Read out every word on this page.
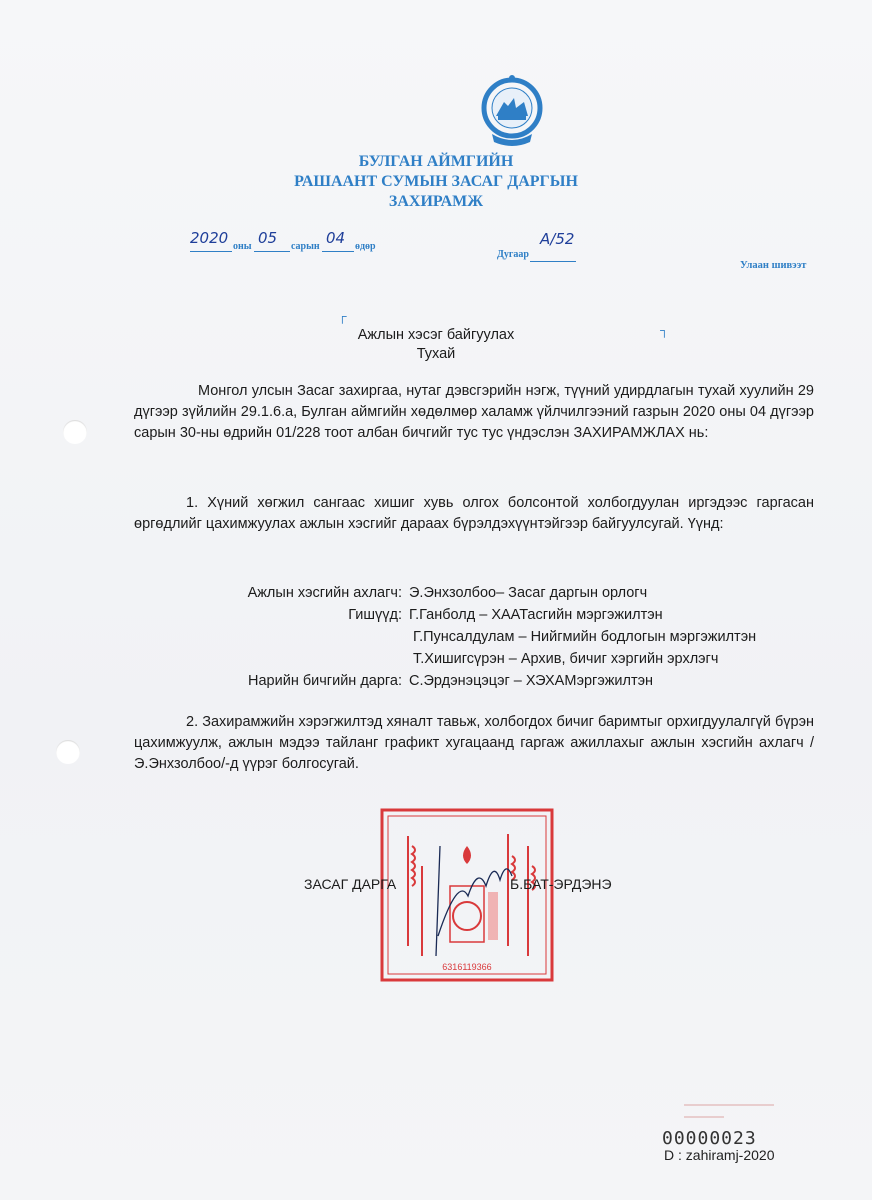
БУЛГАН АЙМГИЙН
РАШААНТ СУМЫН ЗАСАГ ДАРГЫН
ЗАХИРАМЖ
2020 оны 05 сарын 04 өдөр
Дугаар
A/52
Улаан шивээт
┌
┐
Ажлын хэсэг байгуулах
Тухай
Монгол улсын Засаг захиргаа, нутаг дэвсгэрийн нэгж, түүний удирдлагын тухай хуулийн 29 дүгээр зүйлийн 29.1.6.а, Булган аймгийн хөдөлмөр халамж үйлчилгээний газрын 2020 оны 04 дүгээр сарын 30-ны өдрийн 01/228 тоот албан бичгийг тус тус үндэслэн ЗАХИРАМЖЛАХ нь:
1. Хүний хөгжил сангаас хишиг хувь олгох болсонтой холбогдуулан иргэдээс гаргасан өргөдлийг цахимжуулах ажлын хэсгийг дараах бүрэлдэхүүнтэйгээр байгуулсугай. Үүнд:
Ажлын хэсгийн ахлагч: Э.Энхзолбоо– Засаг даргын орлогч
Гишүүд: Г.Ганболд – ХААТасгийн мэргэжилтэн
Г.Пунсалдулам – Нийгмийн бодлогын мэргэжилтэн
Т.Хишигсүрэн – Архив, бичиг хэргийн эрхлэгч
Нарийн бичгийн дарга: С.Эрдэнэцэцэг – ХЭХАМэргэжилтэн
2. Захирамжийн хэрэгжилтэд хяналт тавьж, холбогдох бичиг баримтыг орхигдуулалгүй бүрэн цахимжуулж, ажлын мэдээ тайланг графикт хугацаанд гаргаж ажиллахыг ажлын хэсгийн ахлагч /Э.Энхзолбоо/-д үүрэг болгосугай.
6316119366
ЗАСАГ ДАРГА	Б.БАТ-ЭРДЭНЭ
00000023
D : zahiramj-2020
